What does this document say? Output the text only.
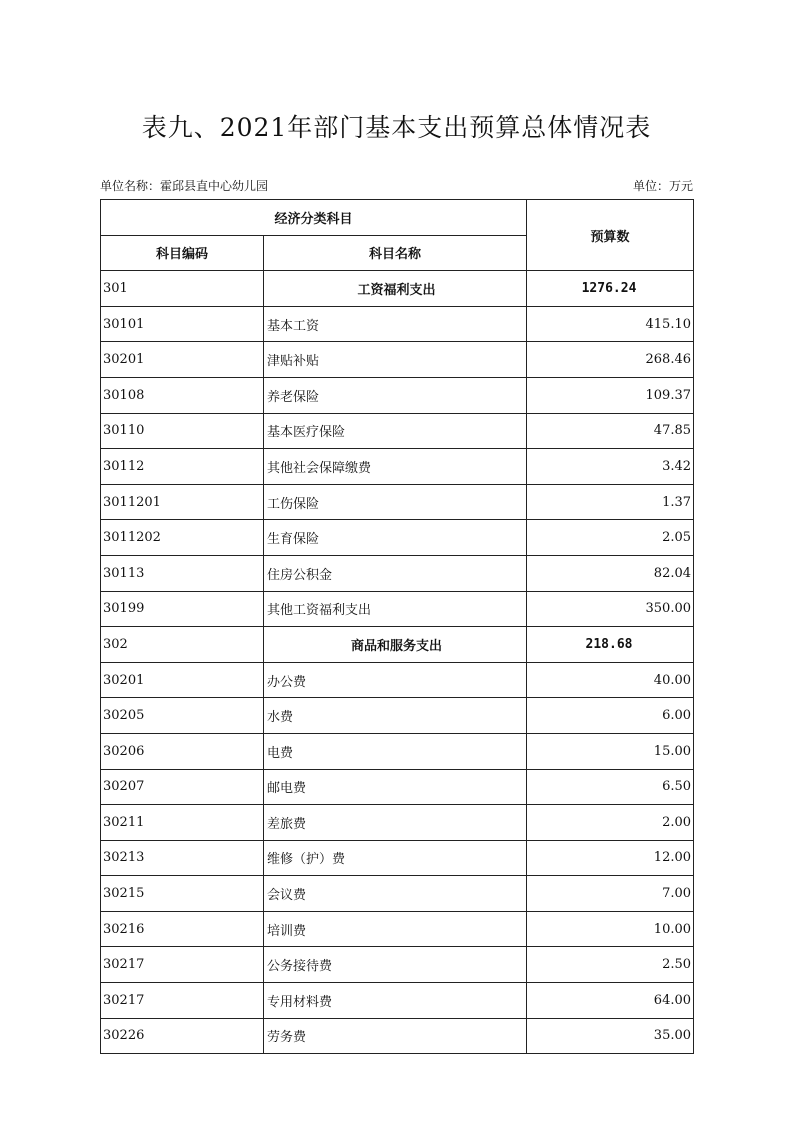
表九、2021年部门基本支出预算总体情况表
单位名称：霍邱县直中心幼儿园	单位：万元
经济分类科目		预算数
科目编码	科目名称	
301	工资福利支出	1276.24
30101	基本工资	415.10
30201	津贴补贴	268.46
30108	养老保险	109.37
30110	基本医疗保险	47.85
30112	其他社会保障缴费	3.42
3011201	工伤保险	1.37
3011202	生育保险	2.05
30113	住房公积金	82.04
30199	其他工资福利支出	350.00
302	商品和服务支出	218.68
30201	办公费	40.00
30205	水费	6.00
30206	电费	15.00
30207	邮电费	6.50
30211	差旅费	2.00
30213	维修（护）费	12.00
30215	会议费	7.00
30216	培训费	10.00
30217	公务接待费	2.50
30217	专用材料费	64.00
30226	劳务费	35.00
